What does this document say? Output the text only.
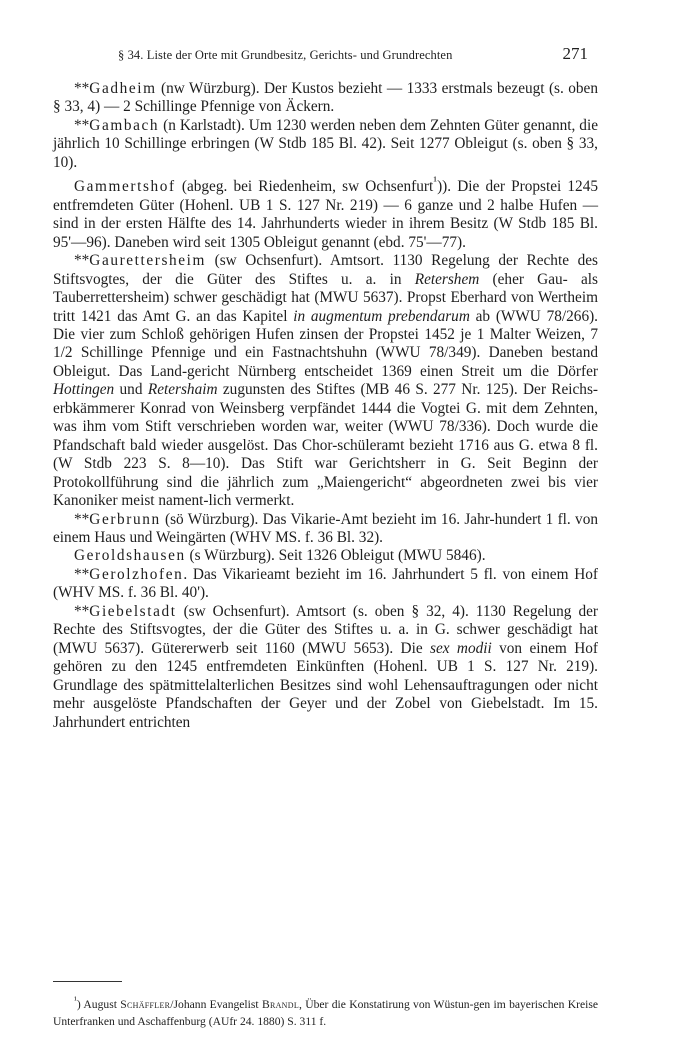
§ 34. Liste der Orte mit Grundbesitz, Gerichts- und Grundrechten	271

**Gadheim (nw Würzburg). Der Kustos bezieht — 1333 erstmals bezeugt (s. oben § 33, 4) — 2 Schillinge Pfennige von Äckern.

**Gambach (n Karlstadt). Um 1230 werden neben dem Zehnten Güter genannt, die jährlich 10 Schillinge erbringen (W Stdb 185 Bl. 42). Seit 1277 Obleigut (s. oben § 33, 10).

Gammertshof (abgeg. bei Riedenheim, sw Ochsenfurt$^{^1}$)). Die der Propstei 1245 entfremdeten Güter (Hohenl. UB 1 S. 127 Nr. 219) — 6 ganze und 2 halbe Hufen — sind in der ersten Hälfte des 14. Jahrhunderts wieder in ihrem Besitz (W Stdb 185 Bl. 95'—96). Daneben wird seit 1305 Obleigut genannt (ebd. 75'—77).

**Gaurettersheim (sw Ochsenfurt). Amtsort. 1130 Regelung der Rechte des Stiftsvogtes, der die Güter des Stiftes u. a. in Retershem (eher Gau- als Tauberrettersheim) schwer geschädigt hat (MWU 5637). Propst Eberhard von Wertheim tritt 1421 das Amt G. an das Kapitel in augmentum prebendarum ab (WWU 78/266). Die vier zum Schloß gehörigen Hufen zinsen der Propstei 1452 je 1 Malter Weizen, 7 1/2 Schillinge Pfennige und ein Fastnachtshuhn (WWU 78/349). Daneben bestand Obleigut. Das Land-gericht Nürnberg entscheidet 1369 einen Streit um die Dörfer Hottingen und Retershaim zugunsten des Stiftes (MB 46 S. 277 Nr. 125). Der Reichs-erbkämmerer Konrad von Weinsberg verpfändet 1444 die Vogtei G. mit dem Zehnten, was ihm vom Stift verschrieben worden war, weiter (WWU 78/336). Doch wurde die Pfandschaft bald wieder ausgelöst. Das Chor-schüleramt bezieht 1716 aus G. etwa 8 fl. (W Stdb 223 S. 8—10). Das Stift war Gerichtsherr in G. Seit Beginn der Protokollführung sind die jährlich zum „Maiengericht“ abgeordneten zwei bis vier Kanoniker meist nament-lich vermerkt.

**Gerbrunn (sö Würzburg). Das Vikarie-Amt bezieht im 16. Jahr-hundert 1 fl. von einem Haus und Weingärten (WHV MS. f. 36 Bl. 32).

Geroldshausen (s Würzburg). Seit 1326 Obleigut (MWU 5846).

**Gerolzhofen. Das Vikarieamt bezieht im 16. Jahrhundert 5 fl. von einem Hof (WHV MS. f. 36 Bl. 40').

**Giebelstadt (sw Ochsenfurt). Amtsort (s. oben § 32, 4). 1130 Regelung der Rechte des Stiftsvogtes, der die Güter des Stiftes u. a. in G. schwer geschädigt hat (MWU 5637). Gütererwerb seit 1160 (MWU 5653). Die sex modii von einem Hof gehören zu den 1245 entfremdeten Einkünften (Hohenl. UB 1 S. 127 Nr. 219). Grundlage des spätmittelalterlichen Besitzes sind wohl Lehensauftragungen oder nicht mehr ausgelöste Pfandschaften der Geyer und der Zobel von Giebelstadt. Im 15. Jahrhundert entrichten

$^{^1}$) August Schäffler/Johann Evangelist Brandl, Über die Konstatirung von Wüstun-gen im bayerischen Kreise Unterfranken und Aschaffenburg (AUfr 24. 1880) S. 311 f.
